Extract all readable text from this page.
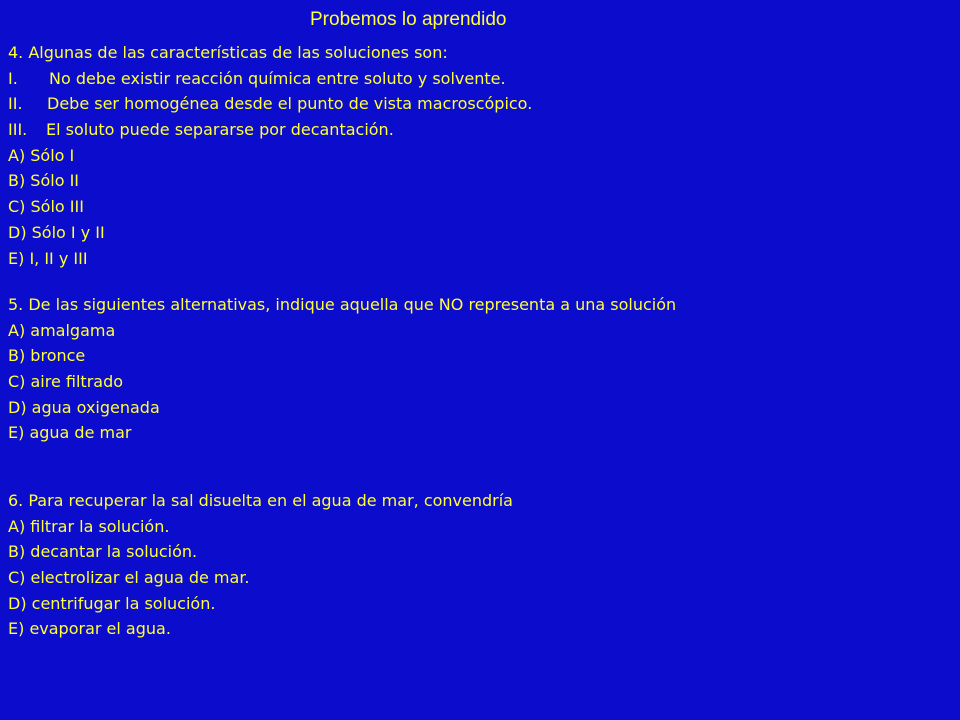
Probemos lo aprendido
4. Algunas de las características de las soluciones son:
I. No debe existir reacción química entre soluto y solvente.
II. Debe ser homogénea desde el punto de vista macroscópico.
III. El soluto puede separarse por decantación.
A) Sólo I
B) Sólo II
C) Sólo III
D) Sólo I y II
E) I, II y III
5. De las siguientes alternativas, indique aquella que NO representa a una solución
A) amalgama
B) bronce
C) aire filtrado
D) agua oxigenada
E) agua de mar
6. Para recuperar la sal disuelta en el agua de mar, convendría
A) filtrar la solución.
B) decantar la solución.
C) electrolizar el agua de mar.
D) centrifugar la solución.
E) evaporar el agua.
